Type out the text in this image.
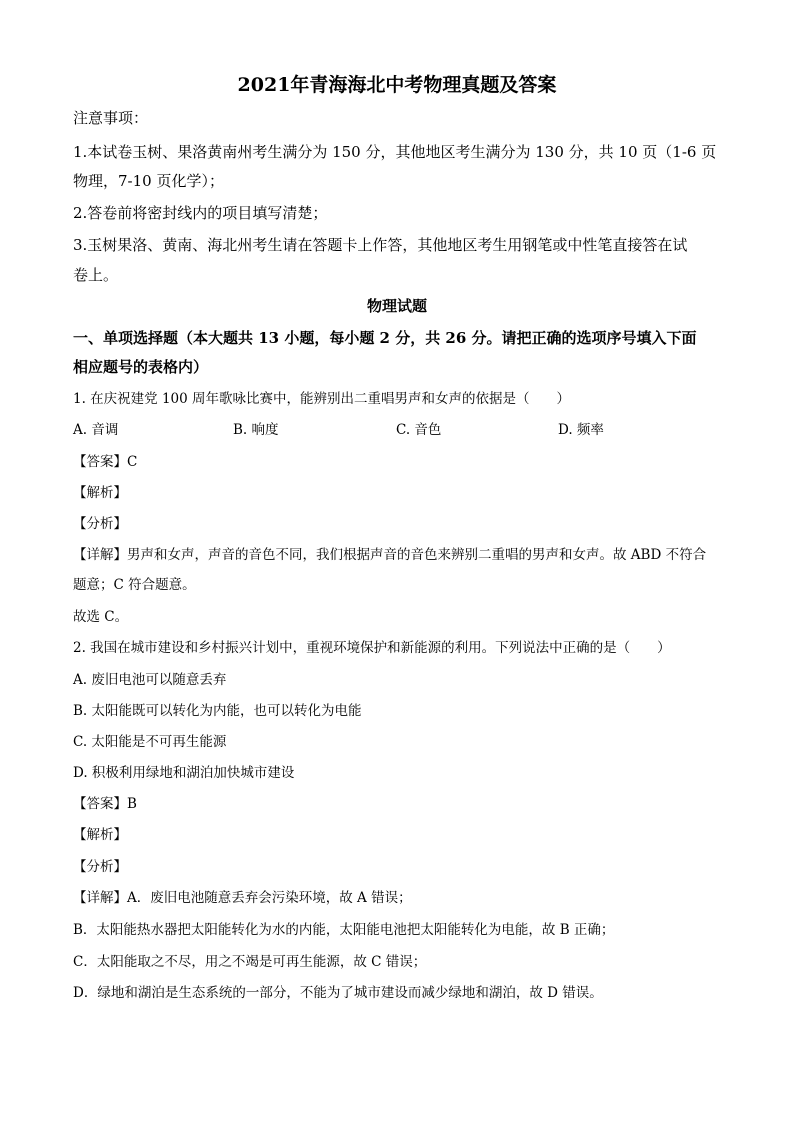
2021年青海海北中考物理真题及答案
注意事项：
1.本试卷玉树、果洛黄南州考生满分为 150 分，其他地区考生满分为 130 分，共 10 页（1-6 页
物理，7-10 页化学）；
2.答卷前将密封线内的项目填写清楚；
3.玉树果洛、黄南、海北州考生请在答题卡上作答，其他地区考生用钢笔或中性笔直接答在试
卷上。
物理试题
一、单项选择题（本大题共 13 小题，每小题 2 分，共 26 分。请把正确的选项序号填入下面
相应题号的表格内）
1. 在庆祝建党 100 周年歌咏比赛中，能辨别出二重唱男声和女声的依据是（　　）
A. 音调	B. 响度	C. 音色	D. 频率
【答案】C
【解析】
【分析】
【详解】男声和女声，声音的音色不同，我们根据声音的音色来辨别二重唱的男声和女声。故 ABD 不符合
题意；C 符合题意。
故选 C。
2. 我国在城市建设和乡村振兴计划中，重视环境保护和新能源的利用。下列说法中正确的是（　　）
A. 废旧电池可以随意丢弃
B. 太阳能既可以转化为内能，也可以转化为电能
C. 太阳能是不可再生能源
D. 积极利用绿地和湖泊加快城市建设
【答案】B
【解析】
【分析】
【详解】A．废旧电池随意丢弃会污染环境，故 A 错误；
B．太阳能热水器把太阳能转化为水的内能，太阳能电池把太阳能转化为电能，故 B 正确；
C．太阳能取之不尽，用之不竭是可再生能源，故 C 错误；
D．绿地和湖泊是生态系统的一部分，不能为了城市建设而减少绿地和湖泊，故 D 错误。
